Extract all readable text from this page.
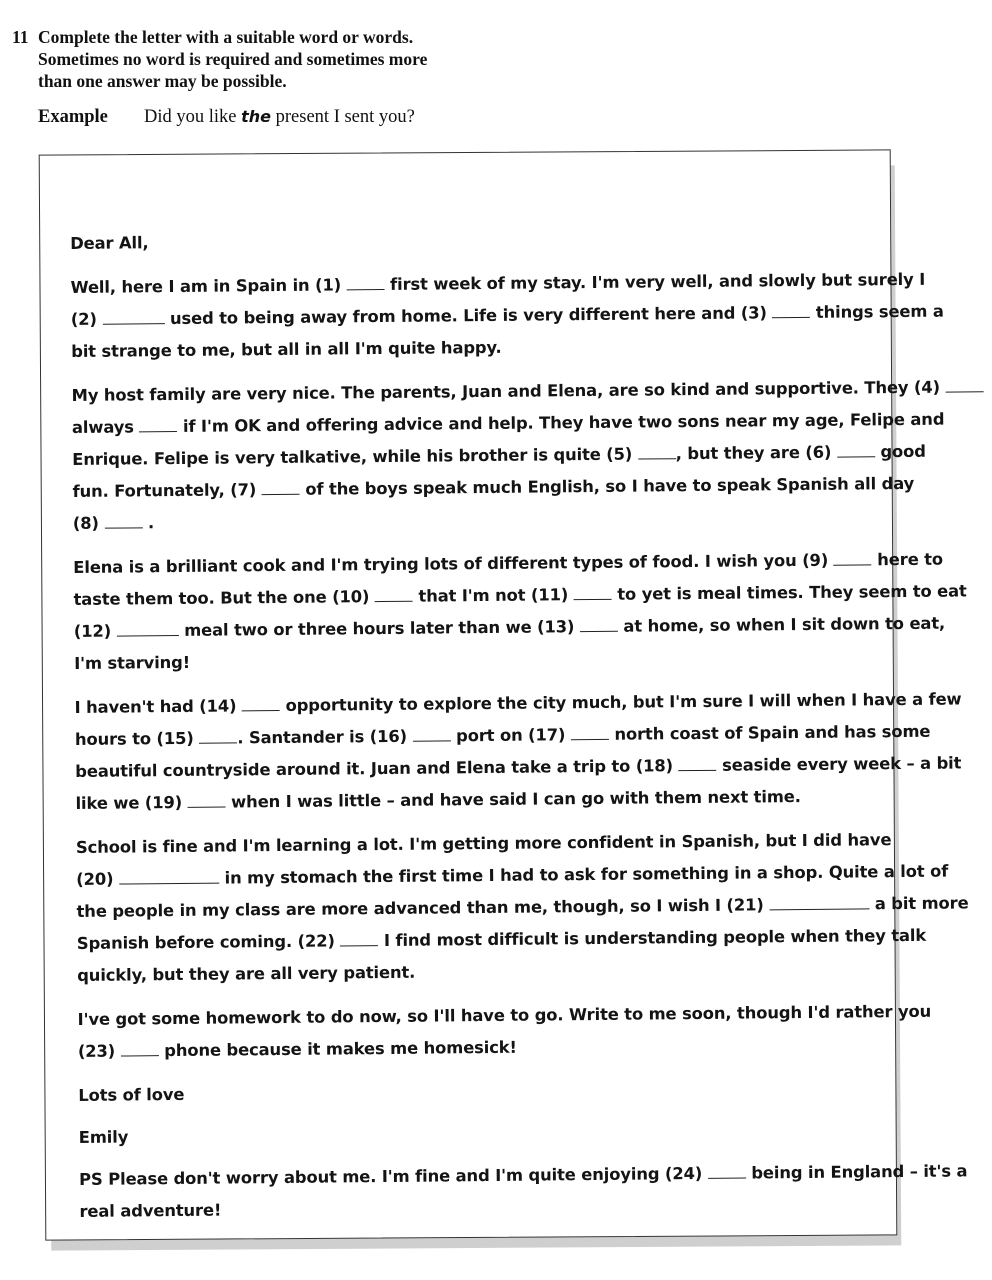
11 Complete the letter with a suitable word or words.
Sometimes no word is required and sometimes more
than one answer may be possible.
Example	Did you like the present I sent you?
Dear All,
Well, here I am in Spain in (1)	first week of my stay. I'm very well, and slowly but surely I
(2)	used to being away from home. Life is very different here and (3)	things seem a
bit strange to me, but all in all I'm quite happy.
My host family are very nice. The parents, Juan and Elena, are so kind and supportive. They (4)
always	if I'm OK and offering advice and help. They have two sons near my age, Felipe and
Enrique. Felipe is very talkative, while his brother is quite (5)	, but they are (6)	good
fun. Fortunately, (7)	of the boys speak much English, so I have to speak Spanish all day
(8)	.
Elena is a brilliant cook and I'm trying lots of different types of food. I wish you (9)	here to
taste them too. But the one (10)	that I'm not (11)	to yet is meal times. They seem to eat
(12)	meal two or three hours later than we (13)	at home, so when I sit down to eat,
I'm starving!
I haven't had (14)	opportunity to explore the city much, but I'm sure I will when I have a few
hours to (15)	. Santander is (16)	port on (17)	north coast of Spain and has some
beautiful countryside around it. Juan and Elena take a trip to (18)	seaside every week – a bit
like we (19)	when I was little – and have said I can go with them next time.
School is fine and I'm learning a lot. I'm getting more confident in Spanish, but I did have
(20)	in my stomach the first time I had to ask for something in a shop. Quite a lot of
the people in my class are more advanced than me, though, so I wish I (21)	a bit more
Spanish before coming. (22)	I find most difficult is understanding people when they talk
quickly, but they are all very patient.
I've got some homework to do now, so I'll have to go. Write to me soon, though I'd rather you
(23)	phone because it makes me homesick!
Lots of love
Emily
PS Please don't worry about me. I'm fine and I'm quite enjoying (24)	being in England – it's a
real adventure!
